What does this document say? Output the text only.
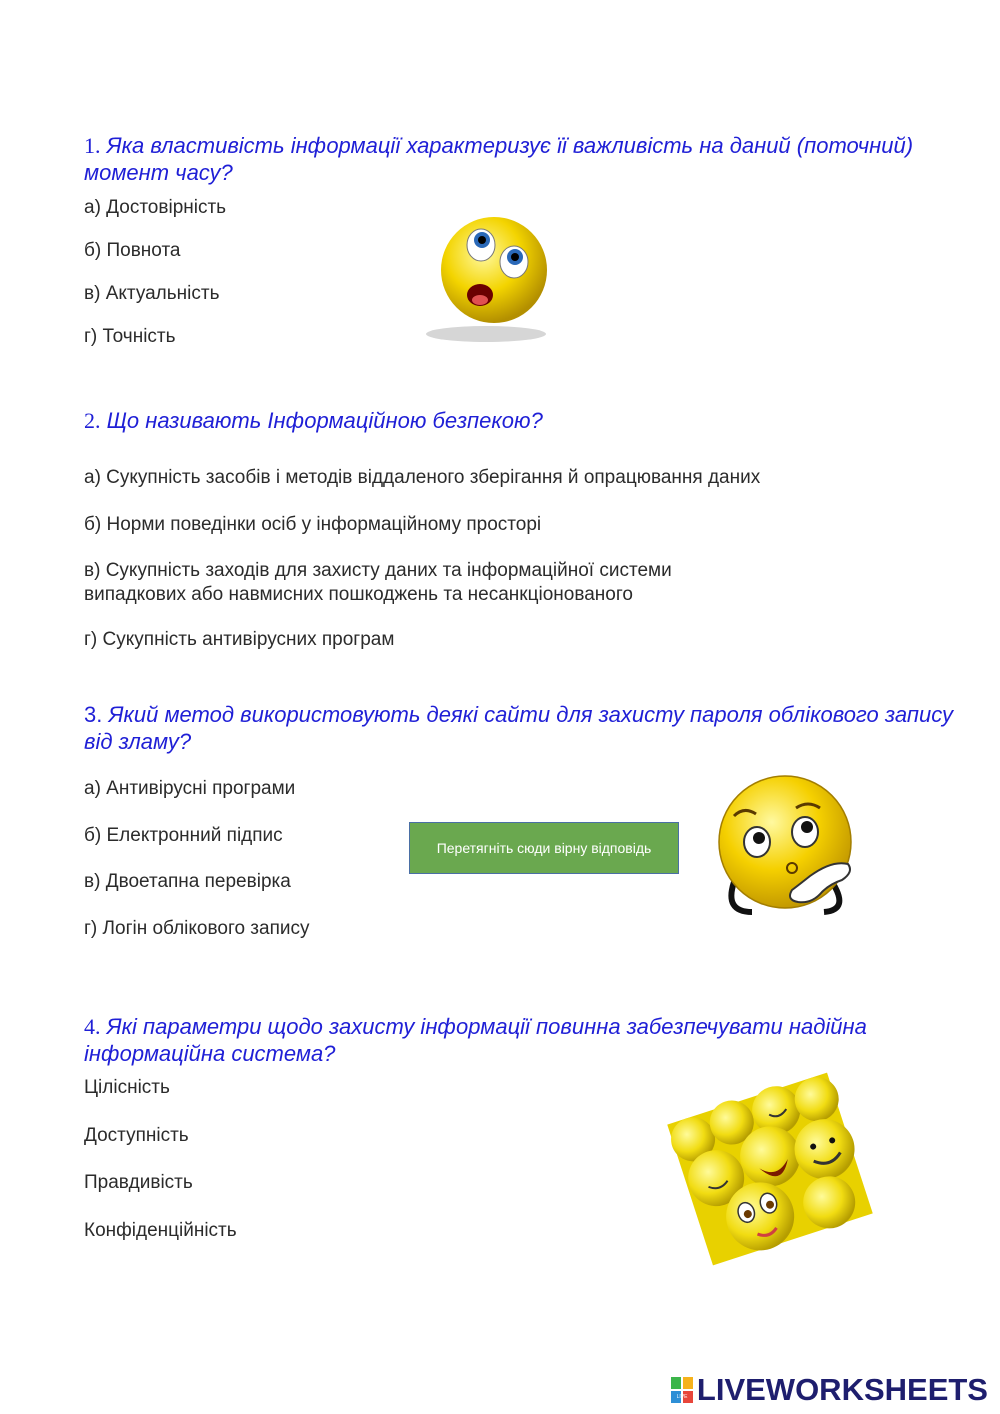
1. Яка властивість інформації характеризує її важливість на даний (поточний) момент часу?
а) Достовірність
б) Повнота
в) Актуальність
г) Точність
2. Що називають Інформаційною безпекою?
а) Сукупність засобів і методів віддаленого зберігання й опрацювання даних
б) Норми поведінки осіб у інформаційному просторі
в) Сукупність заходів для захисту даних та інформаційної системи
випадкових або навмисних пошкоджень та несанкціонованого
г) Сукупність антивірусних програм
3. Який метод використовують деякі сайти для захисту пароля облікового запису від зламу?
а) Антивірусні програми
б) Електронний підпис
в) Двоетапна перевірка
г) Логін облікового запису
Перетягніть сюди вірну відповідь
4. Які параметри щодо захисту інформації повинна забезпечувати надійна інформаційна система?
Цілісність
Доступність
Правдивість
Конфіденційність
LIVE LIVEWORKSHEETS
